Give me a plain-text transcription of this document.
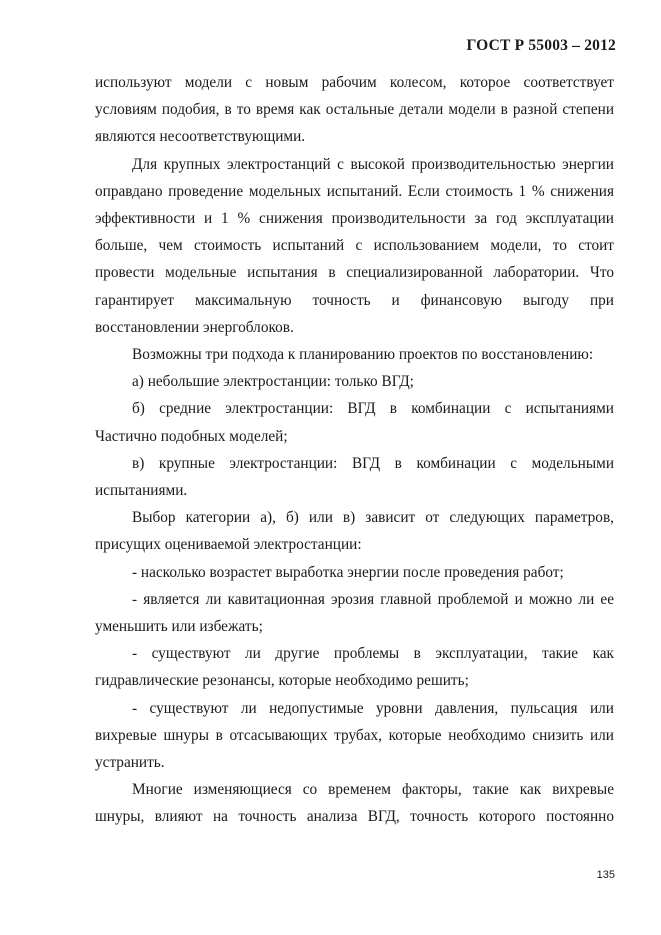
ГОСТ Р 55003 – 2012

используют модели с новым рабочим колесом, которое соответствует

условиям подобия, в то время как остальные детали модели в разной степени

являются несоответствующими.

Для крупных электростанций с высокой производительностью энергии

оправдано проведение модельных испытаний. Если стоимость 1 % снижения

эффективности и 1 % снижения производительности за год эксплуатации

больше, чем стоимость испытаний с использованием модели, то стоит

провести модельные испытания в специализированной лаборатории. Что

гарантирует максимальную точность и финансовую выгоду при

восстановлении энергоблоков.

Возможны три подхода к планированию проектов по восстановлению:

а) небольшие электростанции: только ВГД;

б) средние электростанции: ВГД в комбинации с испытаниями

Частично подобных моделей;

в) крупные электростанции: ВГД в комбинации с модельными

испытаниями.

Выбор категории а), б) или в) зависит от следующих параметров,

присущих оцениваемой электростанции:

- насколько возрастет выработка энергии после проведения работ;

- является ли кавитационная эрозия главной проблемой и можно ли ее

уменьшить или избежать;

- существуют ли другие проблемы в эксплуатации, такие как

гидравлические резонансы, которые необходимо решить;

- существуют ли недопустимые уровни давления, пульсация или

вихревые шнуры в отсасывающих трубах, которые необходимо снизить или

устранить.

Многие изменяющиеся со временем факторы, такие как вихревые

шнуры, влияют на точность анализа ВГД, точность которого постоянно

135
